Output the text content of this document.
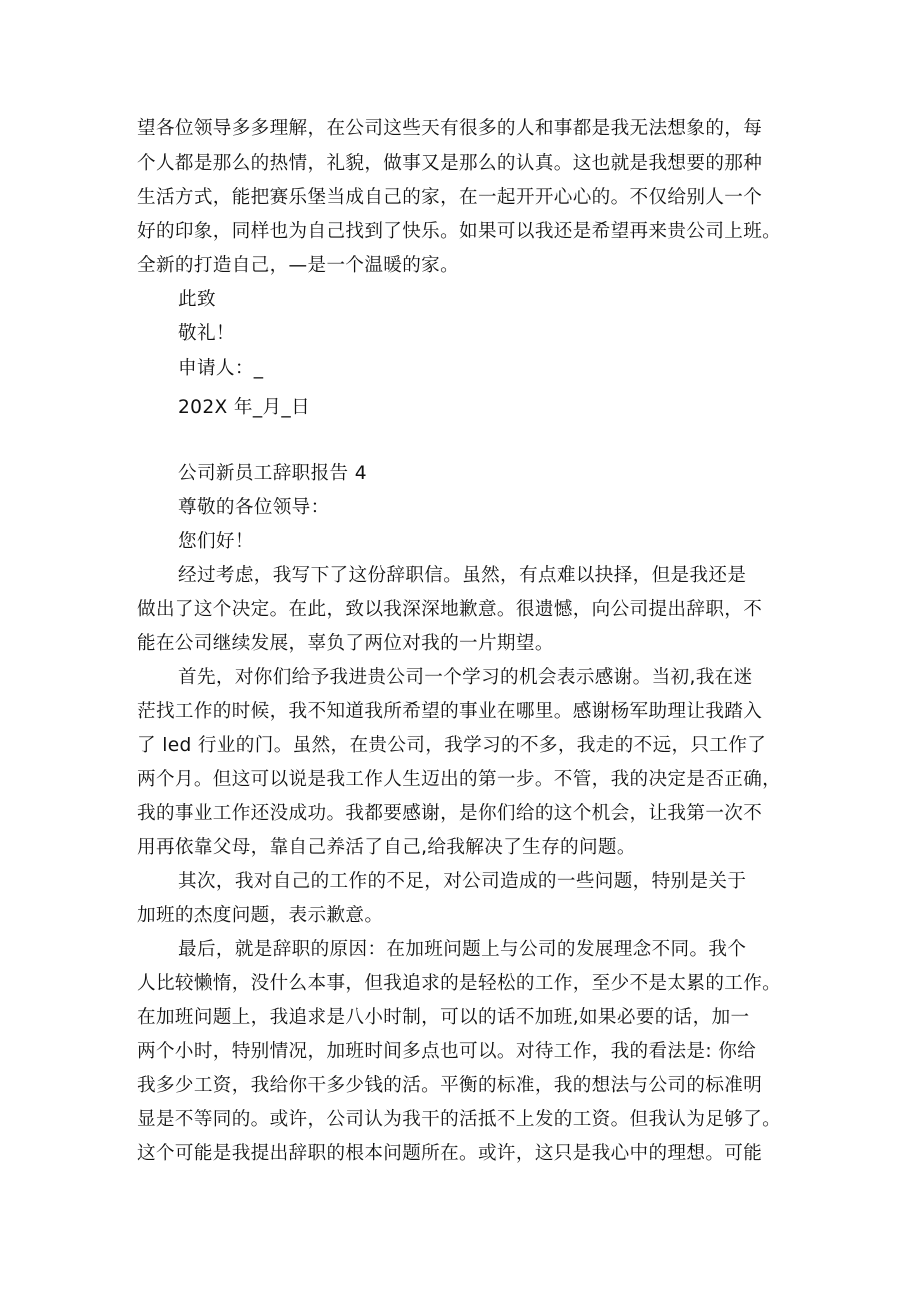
望各位领导多多理解，在公司这些天有很多的人和事都是我无法想象的，每
个人都是那么的热情，礼貌，做事又是那么的认真。这也就是我想要的那种
生活方式，能把赛乐堡当成自己的家，在一起开开心心的。不仅给别人一个
好的印象，同样也为自己找到了快乐。如果可以我还是希望再来贵公司上班。
全新的打造自己，—是一个温暖的家。
此致
敬礼！
申请人：_
202X 年_月_日
公司新员工辞职报告 4
尊敬的各位领导：
您们好！
经过考虑，我写下了这份辞职信。虽然，有点难以抉择，但是我还是
做出了这个决定。在此，致以我深深地歉意。很遗憾，向公司提出辞职，不
能在公司继续发展，辜负了两位对我的一片期望。
首先，对你们给予我进贵公司一个学习的机会表示感谢。当初,我在迷
茫找工作的时候，我不知道我所希望的事业在哪里。感谢杨军助理让我踏入
了 led 行业的门。虽然，在贵公司，我学习的不多，我走的不远，只工作了
两个月。但这可以说是我工作人生迈出的第一步。不管，我的决定是否正确，
我的事业工作还没成功。我都要感谢，是你们给的这个机会，让我第一次不
用再依靠父母，靠自己养活了自己,给我解决了生存的问题。
其次，我对自己的工作的不足，对公司造成的一些问题，特别是关于
加班的杰度问题，表示歉意。
最后，就是辞职的原因：在加班问题上与公司的发展理念不同。我个
人比较懒惰，没什么本事，但我追求的是轻松的工作，至少不是太累的工作。
在加班问题上，我追求是八小时制，可以的话不加班,如果必要的话，加一
两个小时，特别情况，加班时间多点也可以。对待工作，我的看法是: 你给
我多少工资，我给你干多少钱的活。平衡的标准，我的想法与公司的标准明
显是不等同的。或许，公司认为我干的活抵不上发的工资。但我认为足够了。
这个可能是我提出辞职的根本问题所在。或许，这只是我心中的理想。可能
